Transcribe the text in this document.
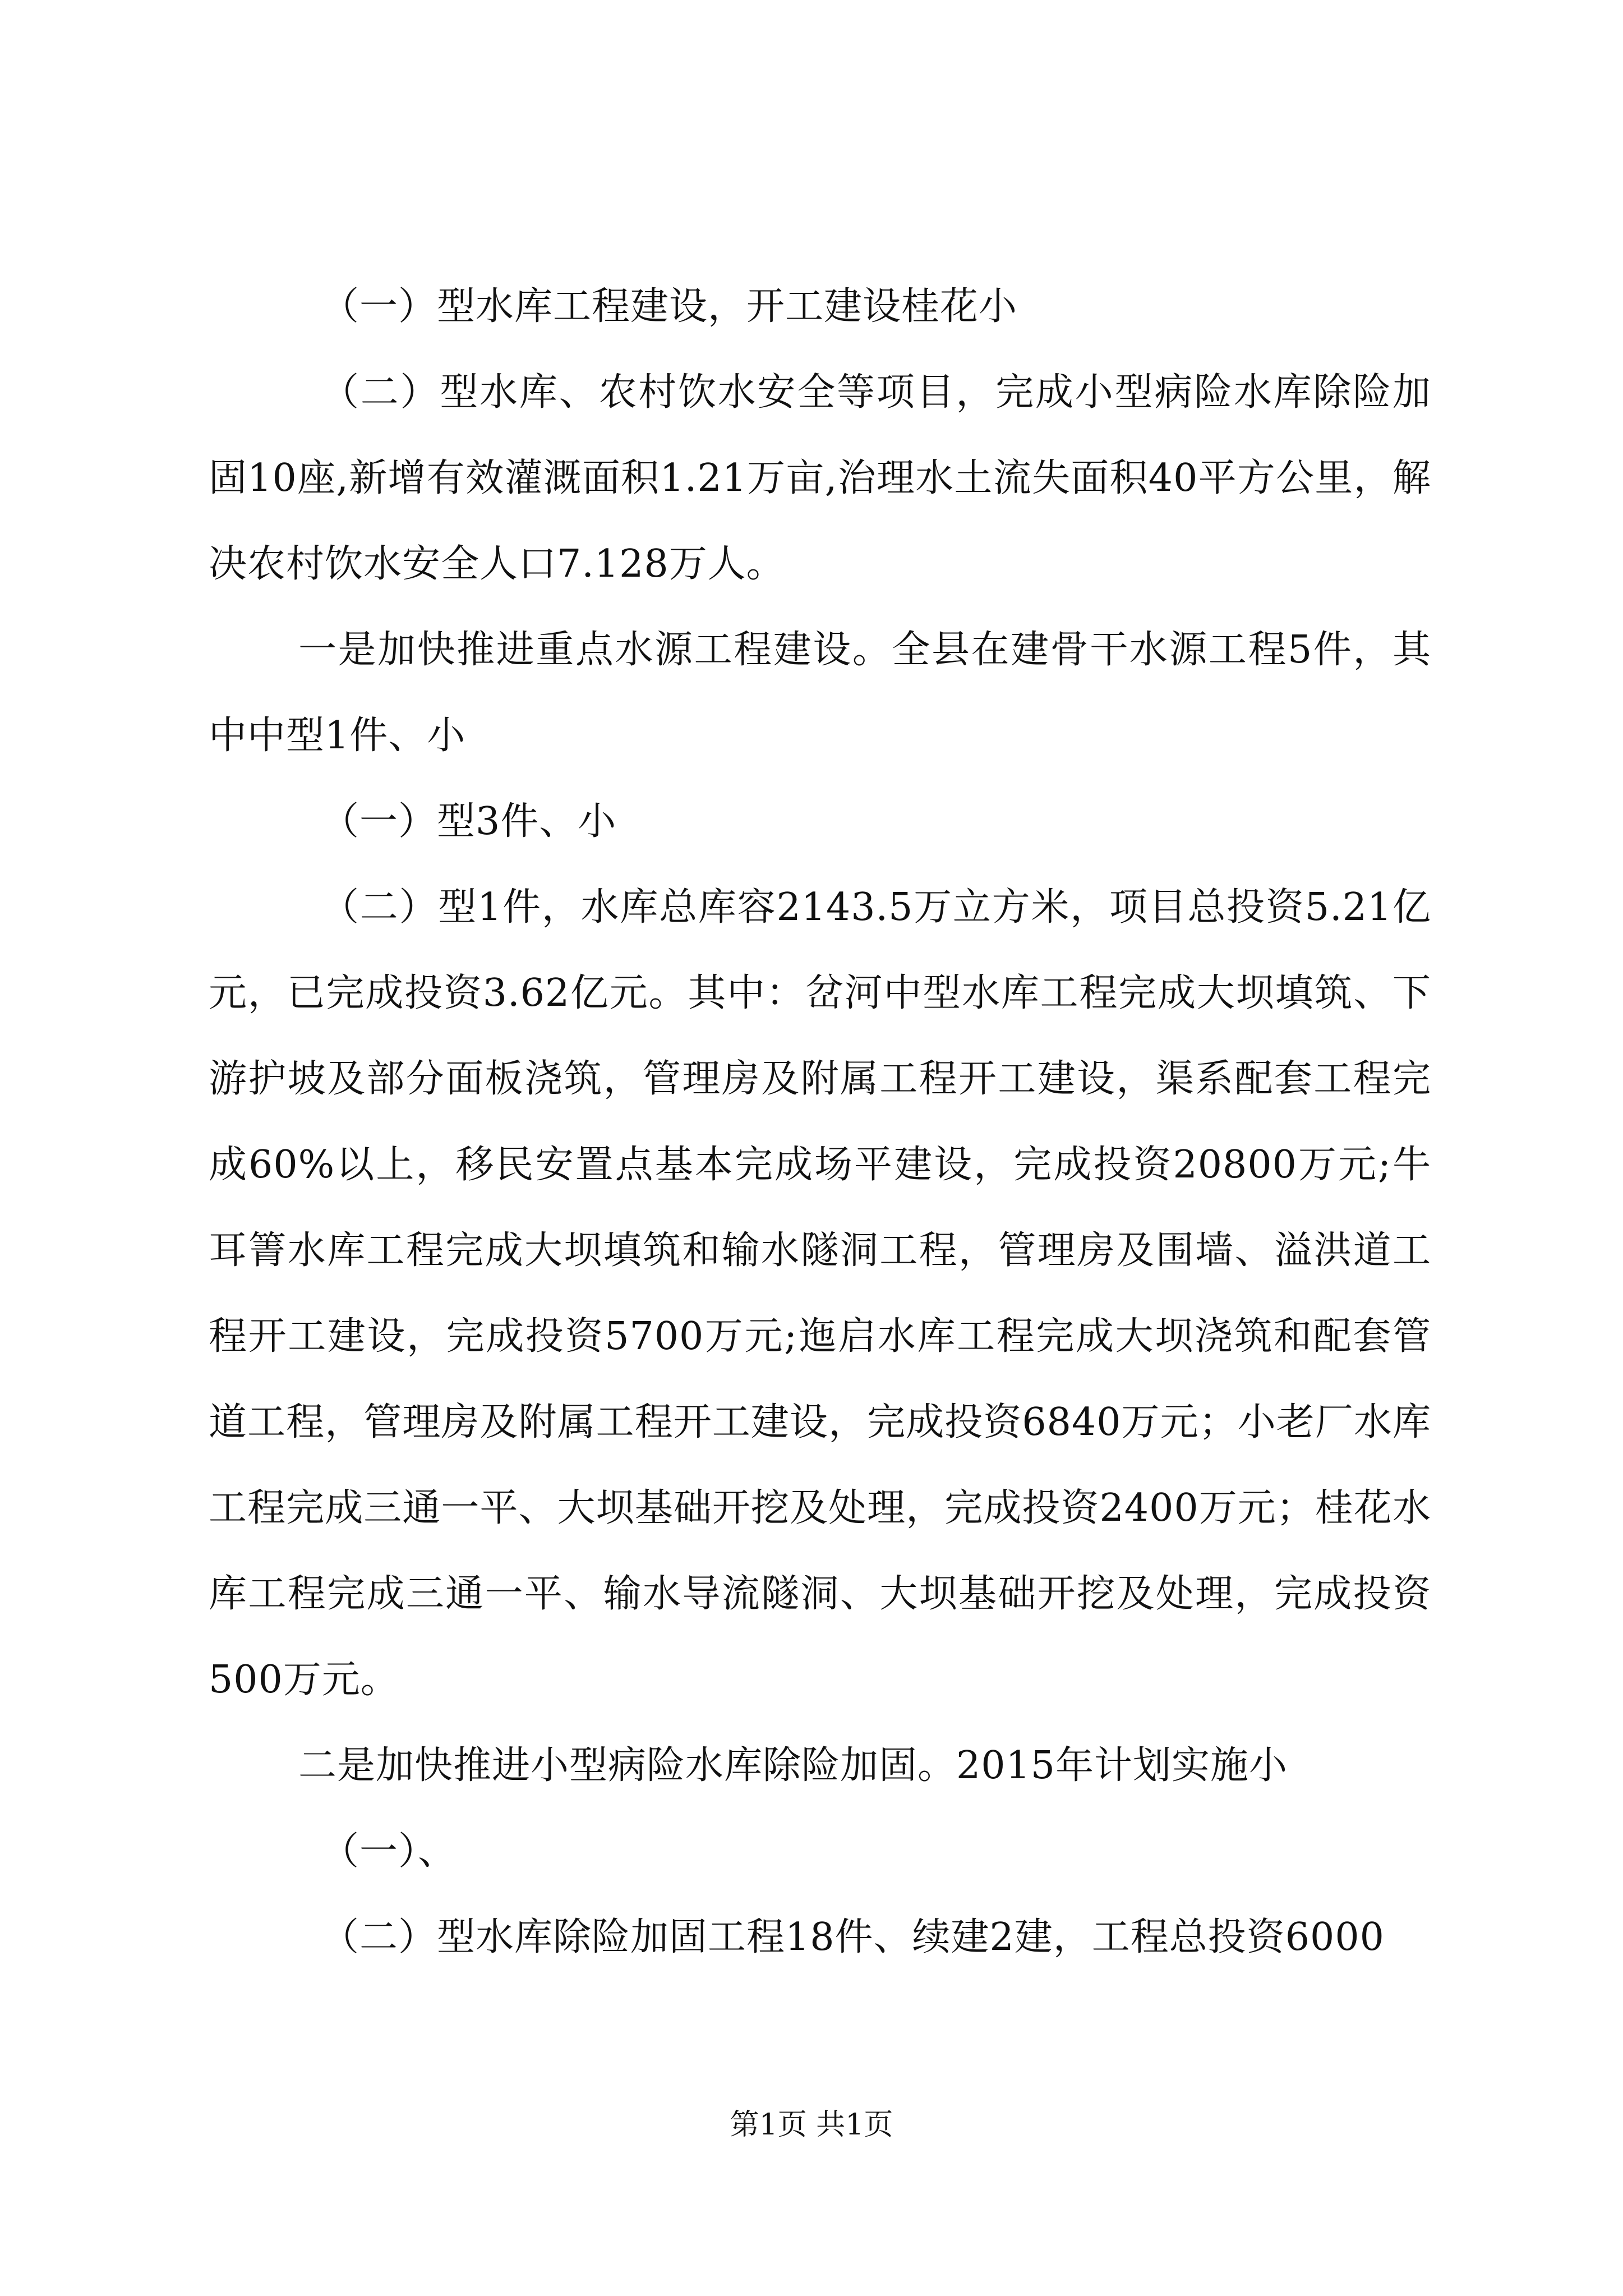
（一）型水库工程建设，开工建设桂花小

（二）型水库、农村饮水安全等项目，完成小型病险水库除险加固10座,新增有效灌溉面积1.21万亩,治理水土流失面积40平方公里，解决农村饮水安全人口7.128万人。

一是加快推进重点水源工程建设。全县在建骨干水源工程5件，其中中型1件、小

（一）型3件、小

（二）型1件，水库总库容2143.5万立方米，项目总投资5.21亿元，已完成投资3.62亿元。其中：岔河中型水库工程完成大坝填筑、下游护坡及部分面板浇筑，管理房及附属工程开工建设，渠系配套工程完成60%以上，移民安置点基本完成场平建设，完成投资20800万元;牛耳箐水库工程完成大坝填筑和输水隧洞工程，管理房及围墙、溢洪道工程开工建设，完成投资5700万元;迤启水库工程完成大坝浇筑和配套管道工程，管理房及附属工程开工建设，完成投资6840万元；小老厂水库工程完成三通一平、大坝基础开挖及处理，完成投资2400万元；桂花水库工程完成三通一平、输水导流隧洞、大坝基础开挖及处理，完成投资500万元。

二是加快推进小型病险水库除险加固。2015年计划实施小

（一）、

（二）型水库除险加固工程18件、续建2建，工程总投资6000

第1页 共1页
